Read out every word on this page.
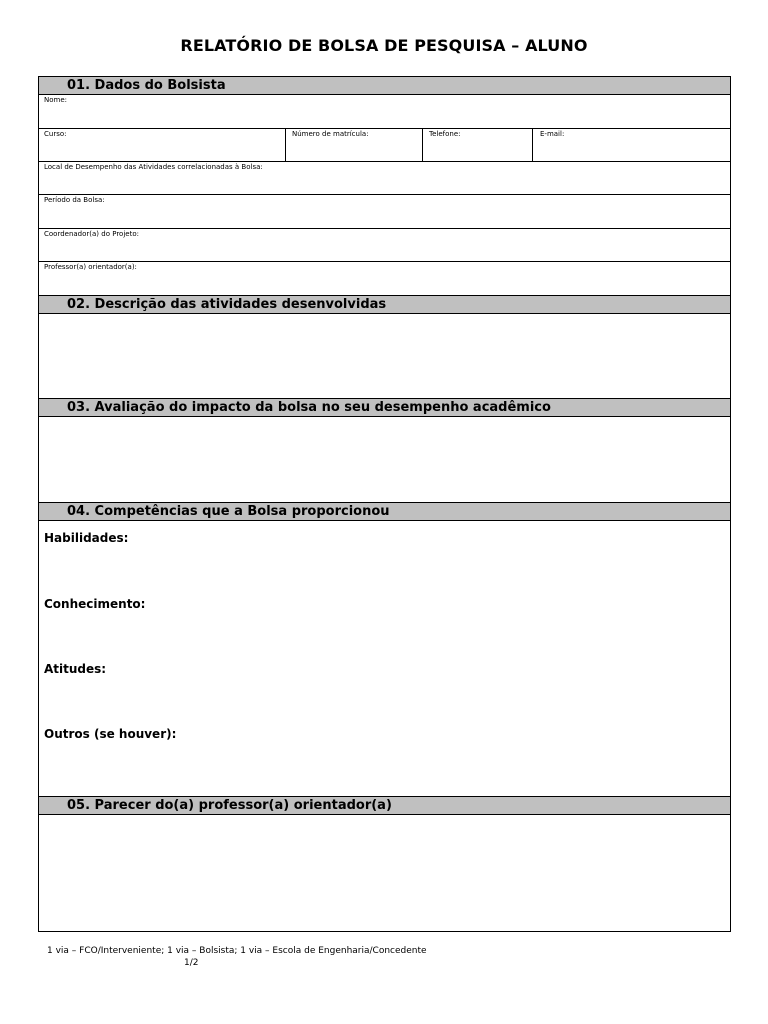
RELATÓRIO DE BOLSA DE PESQUISA – ALUNO
01. Dados do Bolsista
Nome:
Curso:	Número de matrícula:	Telefone:	E-mail:
Local de Desempenho das Atividades correlacionadas à Bolsa:
Período da Bolsa:
Coordenador(a) do Projeto:
Professor(a) orientador(a):
02. Descrição das atividades desenvolvidas
03. Avaliação do impacto da bolsa no seu desempenho acadêmico
04. Competências que a Bolsa proporcionou
Habilidades:
Conhecimento:
Atitudes:
Outros (se houver):
05. Parecer do(a) professor(a) orientador(a)
1 via – FCO/Interveniente; 1 via – Bolsista; 1 via – Escola de Engenharia/Concedente
1/2
